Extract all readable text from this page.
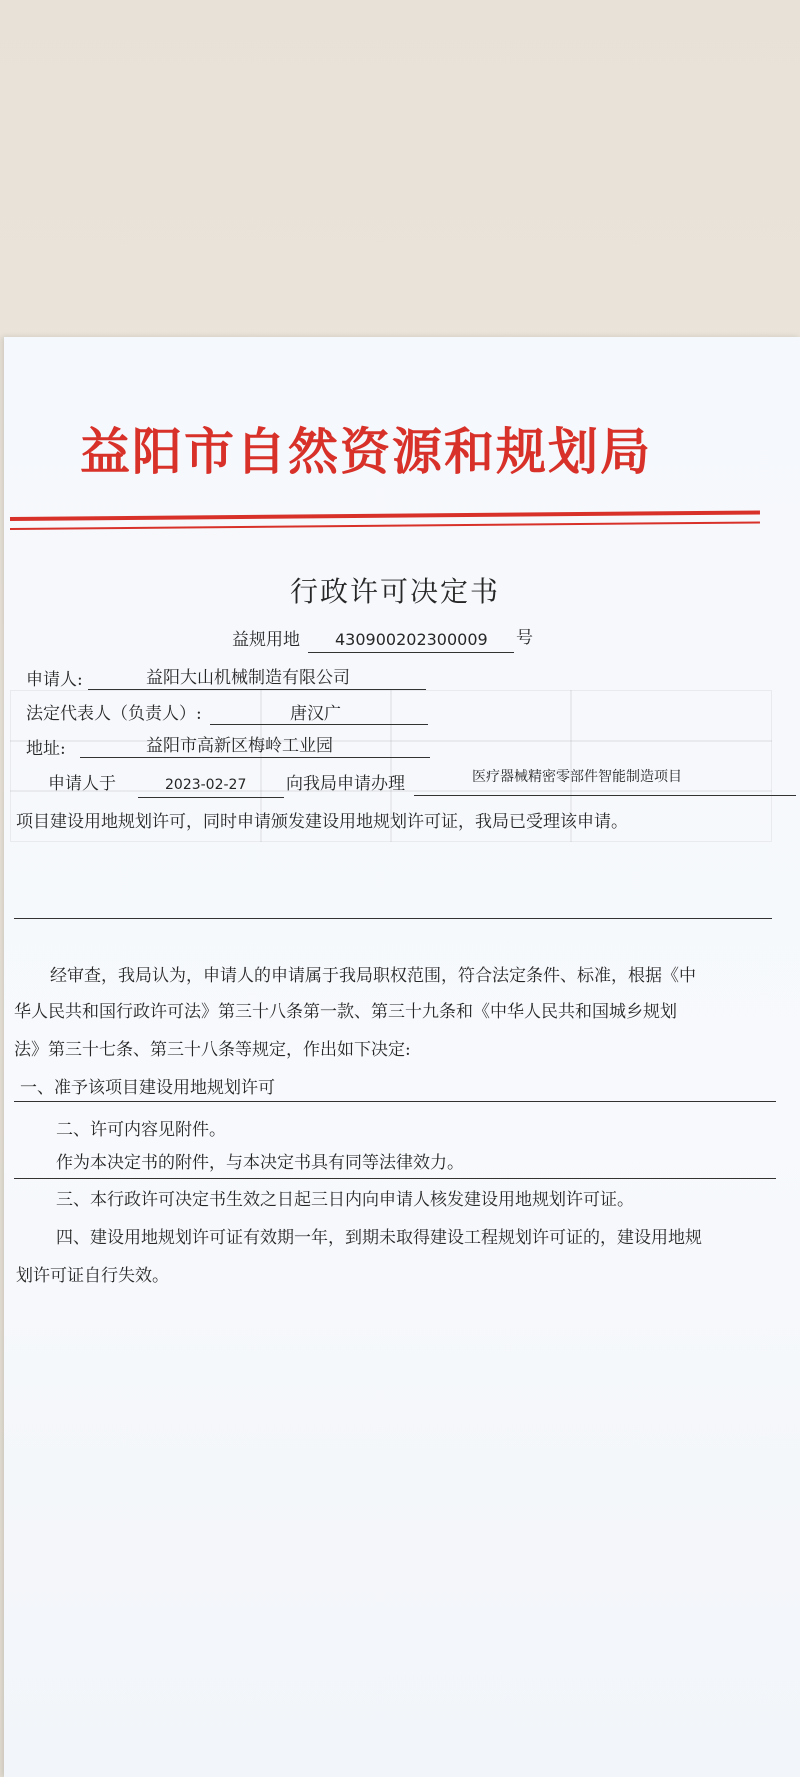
益阳市自然资源和规划局
行政许可决定书
益规用地 430900202300009 号
申请人:	益阳大山机械制造有限公司
法定代表人（负责人）:	唐汉广
地址:	益阳市高新区梅岭工业园
申请人于	2023-02-27 向我局申请办理	医疗器械精密零部件智能制造项目
项目建设用地规划许可，同时申请颁发建设用地规划许可证，我局已受理该申请。
经审查，我局认为，申请人的申请属于我局职权范围，符合法定条件、标准，根据《中
华人民共和国行政许可法》第三十八条第一款、第三十九条和《中华人民共和国城乡规划
法》第三十七条、第三十八条等规定，作出如下决定:
一、准予该项目建设用地规划许可
二、许可内容见附件。
作为本决定书的附件，与本决定书具有同等法律效力。
三、本行政许可决定书生效之日起三日内向申请人核发建设用地规划许可证。
四、建设用地规划许可证有效期一年，到期未取得建设工程规划许可证的，建设用地规
划许可证自行失效。
